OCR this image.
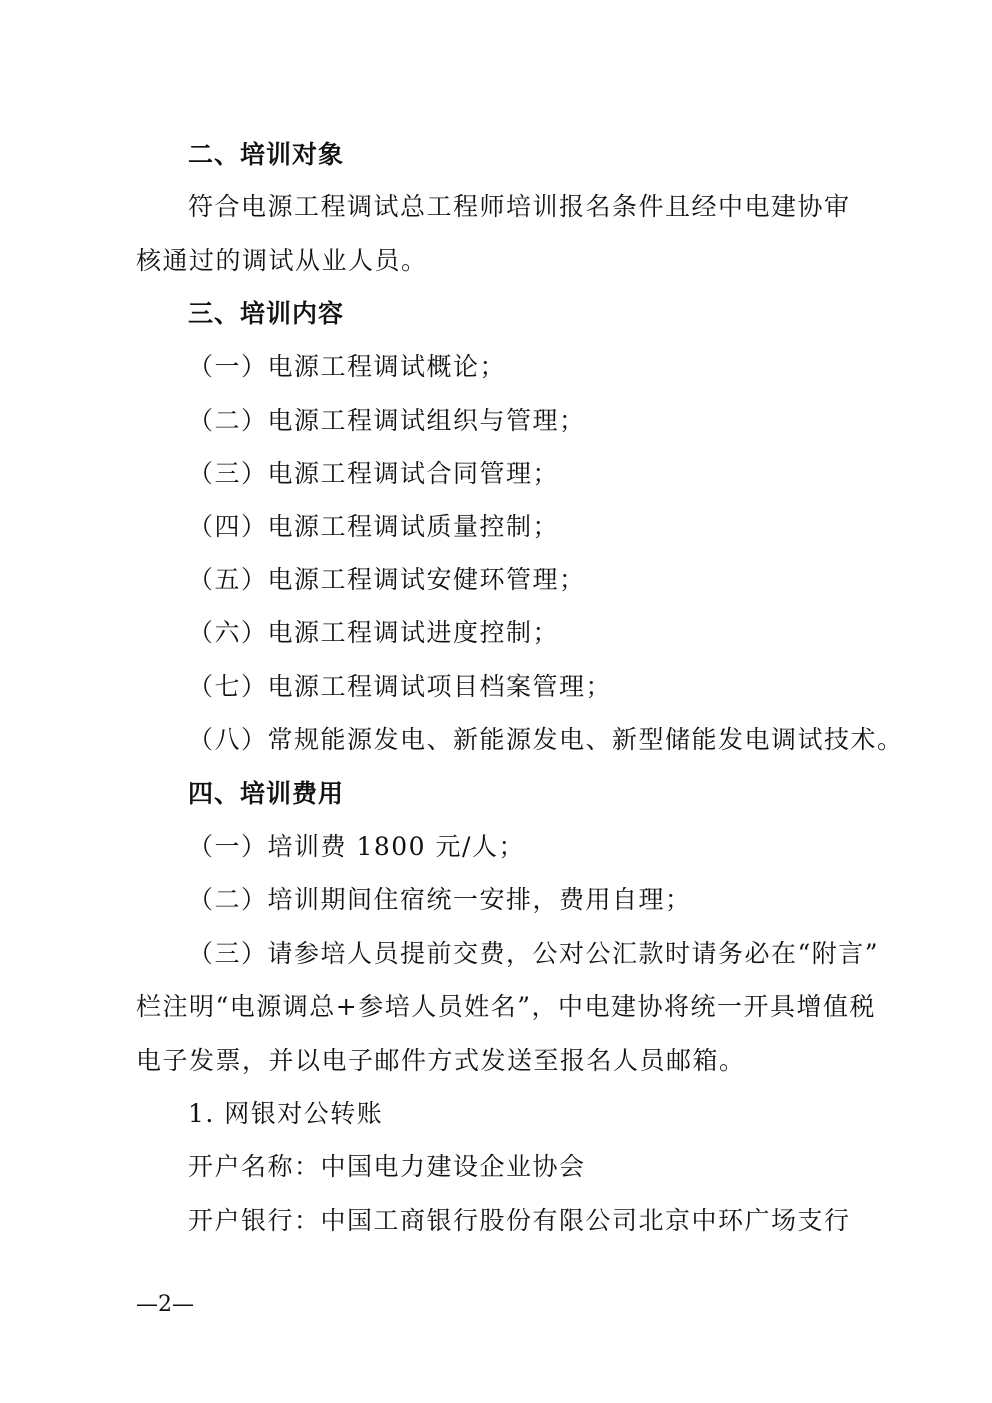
二、培训对象
符合电源工程调试总工程师培训报名条件且经中电建协审
核通过的调试从业人员。
三、培训内容
（一）电源工程调试概论；
（二）电源工程调试组织与管理；
（三）电源工程调试合同管理；
（四）电源工程调试质量控制；
（五）电源工程调试安健环管理；
（六）电源工程调试进度控制；
（七）电源工程调试项目档案管理；
（八）常规能源发电、新能源发电、新型储能发电调试技术。
四、培训费用
（一）培训费 1800 元/人；
（二）培训期间住宿统一安排，费用自理；
（三）请参培人员提前交费，公对公汇款时请务必在“附言”
栏注明“电源调总+参培人员姓名”，中电建协将统一开具增值税
电子发票，并以电子邮件方式发送至报名人员邮箱。
1. 网银对公转账
开户名称：中国电力建设企业协会
开户银行：中国工商银行股份有限公司北京中环广场支行
—2—
